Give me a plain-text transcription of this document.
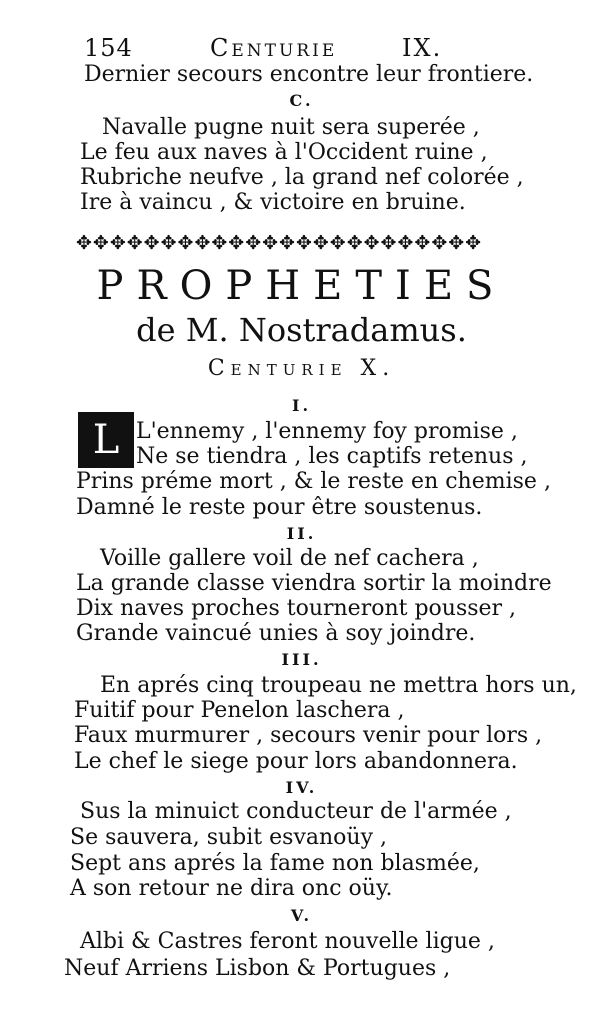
154	Centurie	IX.
Dernier secours encontre leur frontiere.
C.
Navalle pugne nuit sera superée ,
Le feu aux naves à l'Occident ruine ,
Rubriche neufve , la grand nef colorée ,
Ire à vaincu , & victoire en bruine.
✥✥✥✥✥✥✥✥✥✥✥✥✥✥✥✥✥✥✥✥✥✥✥✥
PROPHETIES
de M. Nostradamus.
Centurie X.
I.
L L'ennemy , l'ennemy foy promise ,
Ne se tiendra , les captifs retenus ,
Prins préme mort , & le reste en chemise ,
Damné le reste pour être soustenus.
II.
Voille gallere voil de nef cachera ,
La grande classe viendra sortir la moindre
Dix naves proches tourneront pousser ,
Grande vaincué unies à soy joindre.
III.
En aprés cinq troupeau ne mettra hors un,
Fuitif pour Penelon laschera ,
Faux murmurer , secours venir pour lors ,
Le chef le siege pour lors abandonnera.
IV.
Sus la minuict conducteur de l'armée ,
Se sauvera, subit esvanoüy ,
Sept ans aprés la fame non blasmée,
A son retour ne dira onc oüy.
V.
Albi & Castres feront nouvelle ligue ,
Neuf Arriens Lisbon & Portugues ,
